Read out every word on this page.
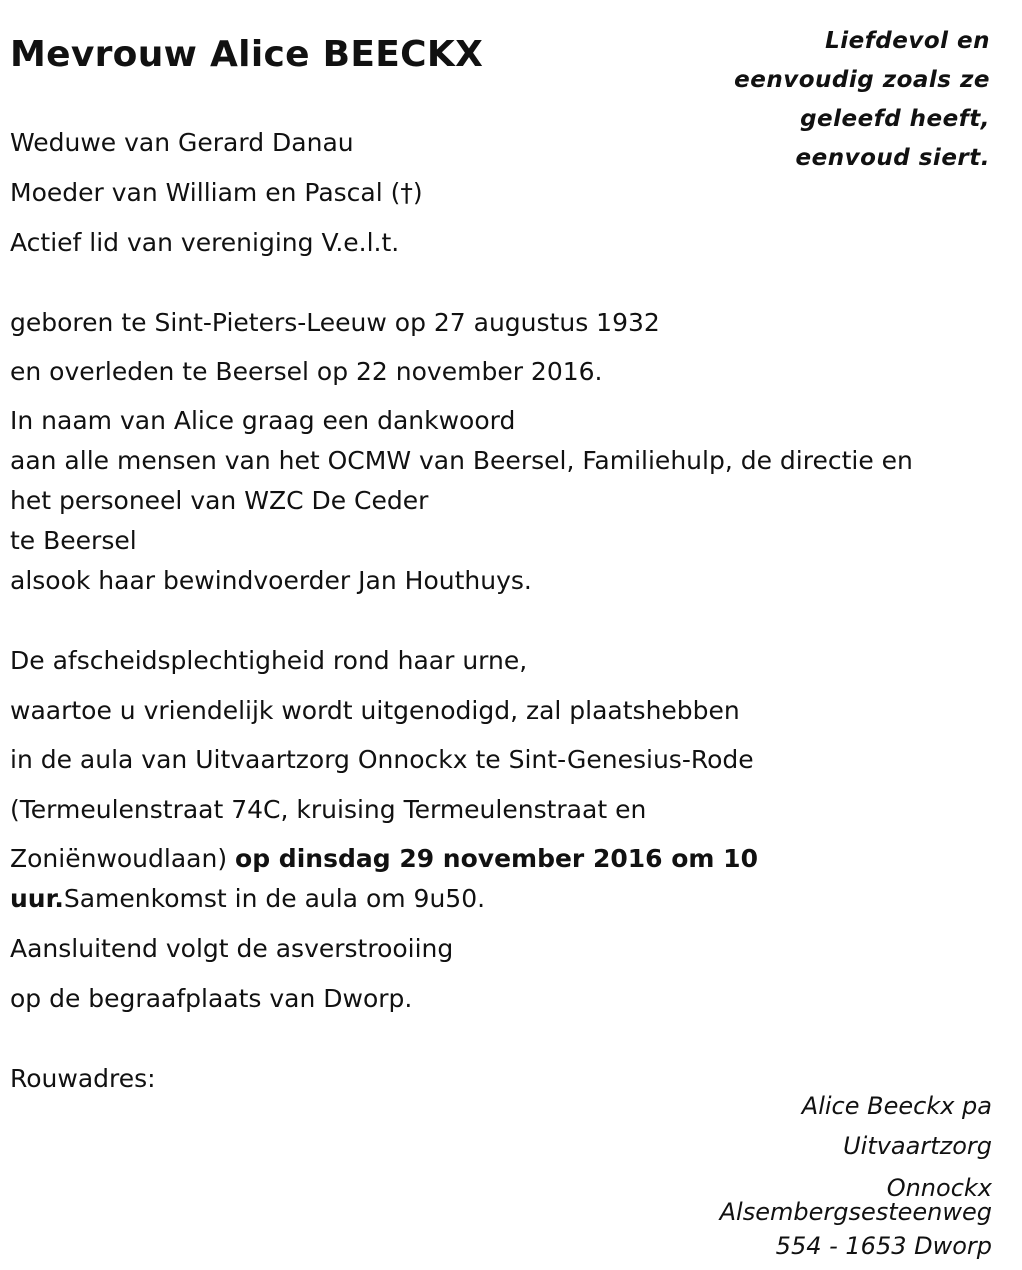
Mevrouw Alice BEECKX	Liefdevol en
eenvoudig zoals ze
geleefd heeft,
eenvoud siert.

Weduwe van Gerard Danau

Moeder van William en Pascal (†)

Actief lid van vereniging V.e.l.t.

geboren te Sint-Pieters-Leeuw op 27 augustus 1932

en overleden te Beersel op 22 november 2016.

In naam van Alice graag een dankwoord

aan alle mensen van het OCMW van Beersel, Familiehulp, de directie en

het personeel van WZC De Ceder

te Beersel

alsook haar bewindvoerder Jan Houthuys.

De afscheidsplechtigheid rond haar urne,

waartoe u vriendelijk wordt uitgenodigd, zal plaatshebben

in de aula van Uitvaartzorg Onnockx te Sint-Genesius-Rode

(Termeulenstraat 74C, kruising Termeulenstraat en

Zoniënwoudlaan) op dinsdag 29 november 2016 om 10

uur.Samenkomst in de aula om 9u50.

Aansluitend volgt de asverstrooiing

op de begraafplaats van Dworp.

Rouwadres:

Alice Beeckx pa
Uitvaartzorg
Onnockx
Alsembergsesteenweg
554 - 1653 Dworp
